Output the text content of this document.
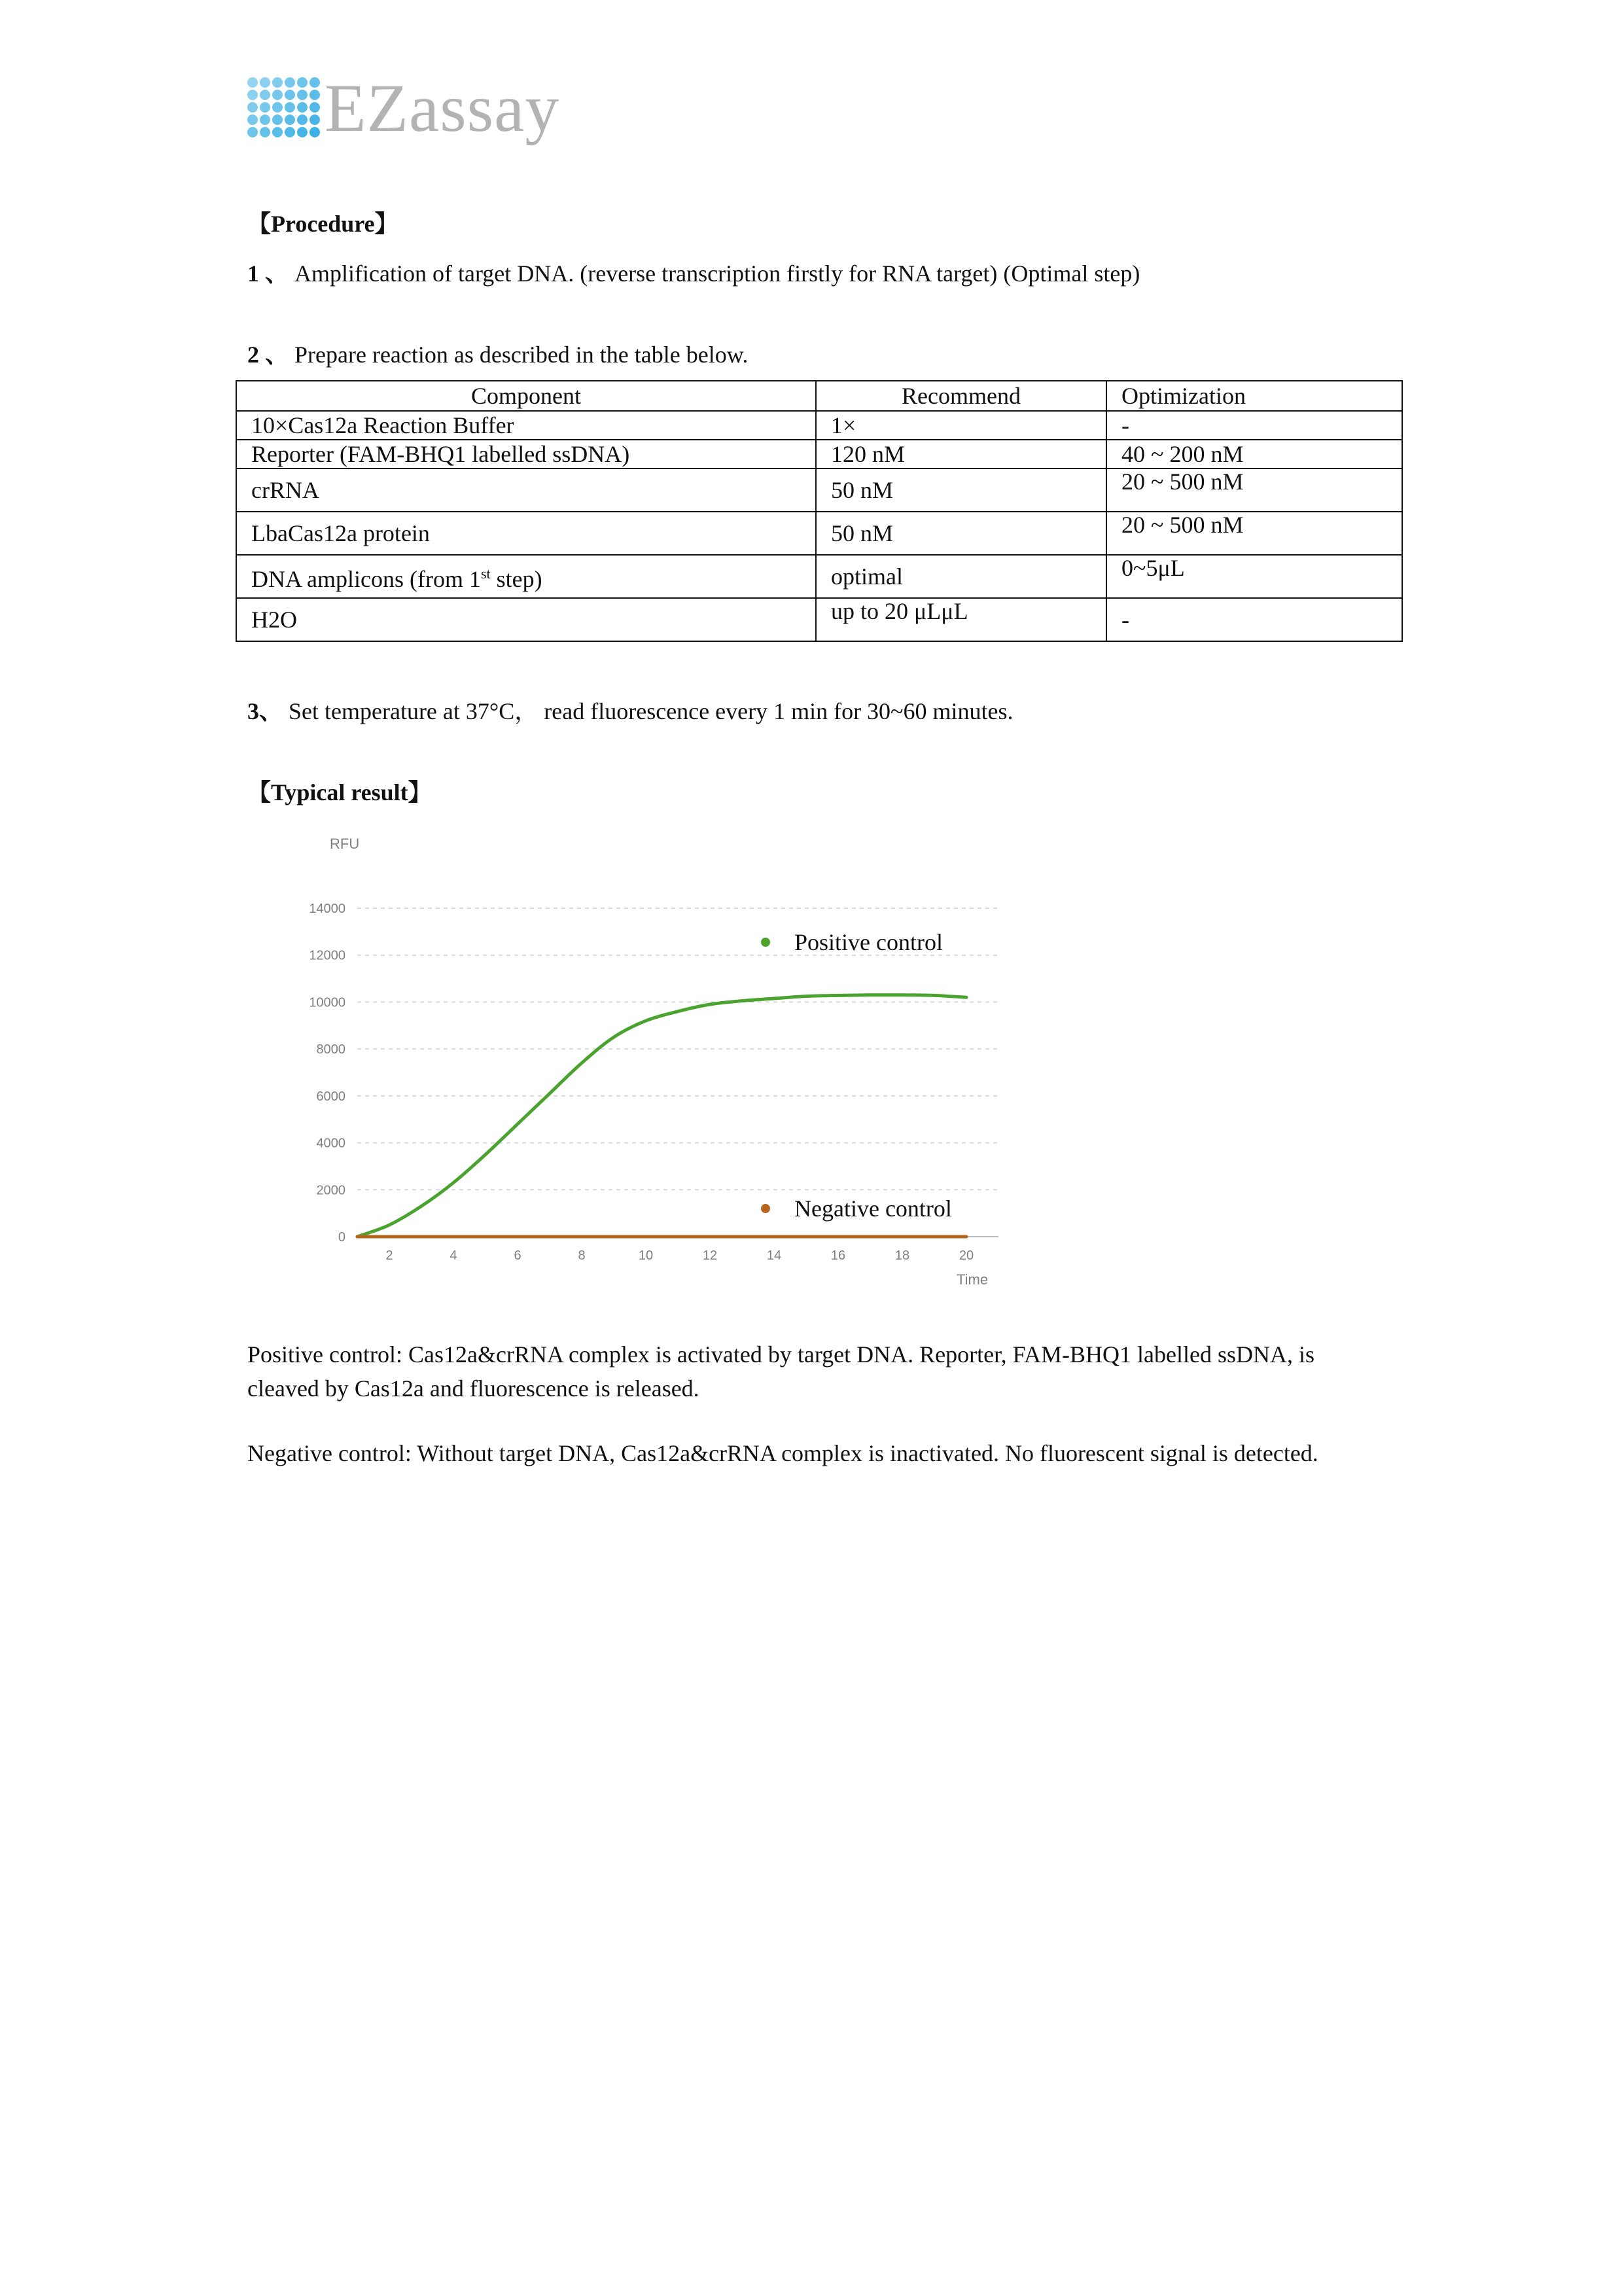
EZassay
【Procedure】
1 、 Amplification of target DNA. (reverse transcription firstly for RNA target) (Optimal step)
2 、 Prepare reaction as described in the table below.
Component	Recommend	Optimization
10×Cas12a Reaction Buffer	1×	-
Reporter (FAM-BHQ1 labelled ssDNA)	120 nM	40 ~ 200 nM
crRNA	50 nM	20 ~ 500 nM
LbaCas12a protein	50 nM	20 ~ 500 nM
DNA amplicons (from 1st step)	optimal	0~5μL
H2O	up to 20 μLμL	-
3、 Set temperature at 37°C， read fluorescence every 1 min for 30~60 minutes.
【Typical result】
RFU
Time
0
2000
4000
6000
8000
10000
12000
14000
2	4	6	8	10	12	14	16	18	20
Positive control
Negative control
Positive control: Cas12a&crRNA complex is activated by target DNA. Reporter, FAM-BHQ1 labelled ssDNA, is
cleaved by Cas12a and fluorescence is released.
Negative control: Without target DNA, Cas12a&crRNA complex is inactivated. No fluorescent signal is detected.
